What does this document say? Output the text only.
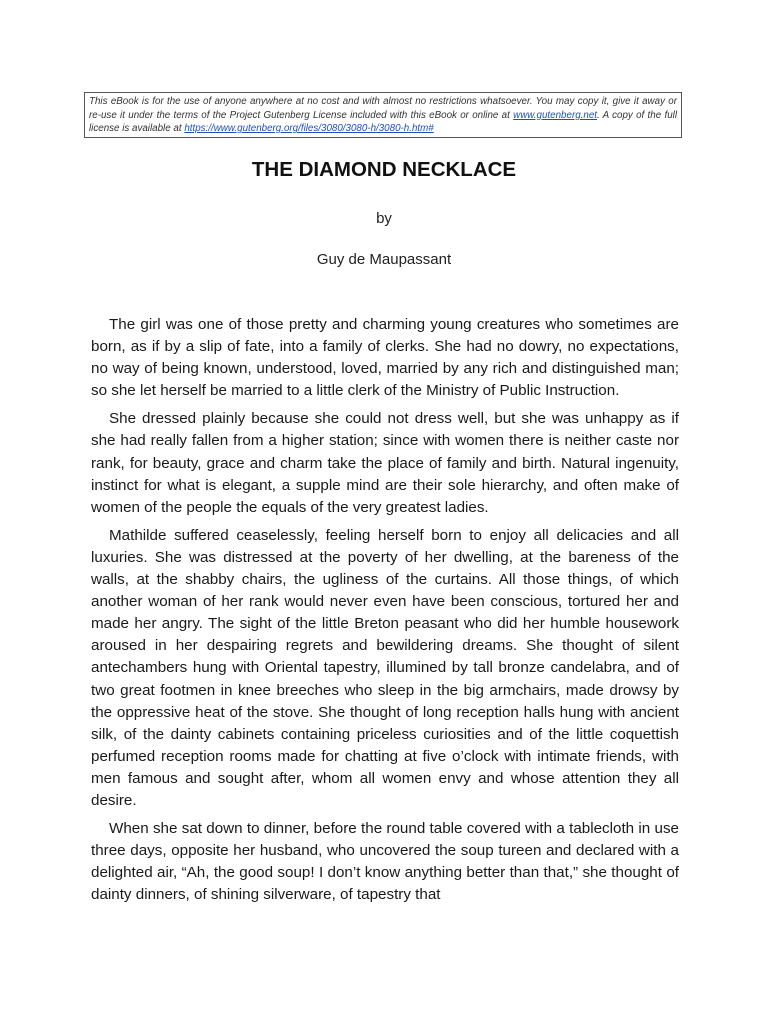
This eBook is for the use of anyone anywhere at no cost and with almost no restrictions whatsoever. You may copy it, give it away or re-use it under the terms of the Project Gutenberg License included with this eBook or online at www.gutenberg.net. A copy of the full license is available at https://www.gutenberg.org/files/3080/3080-h/3080-h.htm#
THE DIAMOND NECKLACE
by
Guy de Maupassant

The girl was one of those pretty and charming young creatures who sometimes are born, as if by a slip of fate, into a family of clerks. She had no dowry, no expectations, no way of being known, understood, loved, married by any rich and distinguished man; so she let herself be married to a little clerk of the Ministry of Public Instruction.

She dressed plainly because she could not dress well, but she was unhappy as if she had really fallen from a higher station; since with women there is neither caste nor rank, for beauty, grace and charm take the place of family and birth. Natural ingenuity, instinct for what is elegant, a supple mind are their sole hierarchy, and often make of women of the people the equals of the very greatest ladies.

Mathilde suffered ceaselessly, feeling herself born to enjoy all delicacies and all luxuries. She was distressed at the poverty of her dwelling, at the bareness of the walls, at the shabby chairs, the ugliness of the curtains. All those things, of which another woman of her rank would never even have been conscious, tortured her and made her angry. The sight of the little Breton peasant who did her humble housework aroused in her despairing regrets and bewildering dreams. She thought of silent antechambers hung with Oriental tapestry, illumined by tall bronze candelabra, and of two great footmen in knee breeches who sleep in the big armchairs, made drowsy by the oppressive heat of the stove. She thought of long reception halls hung with ancient silk, of the dainty cabinets containing priceless curiosities and of the little coquettish perfumed reception rooms made for chatting at five o’clock with intimate friends, with men famous and sought after, whom all women envy and whose attention they all desire.

When she sat down to dinner, before the round table covered with a tablecloth in use three days, opposite her husband, who uncovered the soup tureen and declared with a delighted air, “Ah, the good soup! I don’t know anything better than that,” she thought of dainty dinners, of shining silverware, of tapestry that
